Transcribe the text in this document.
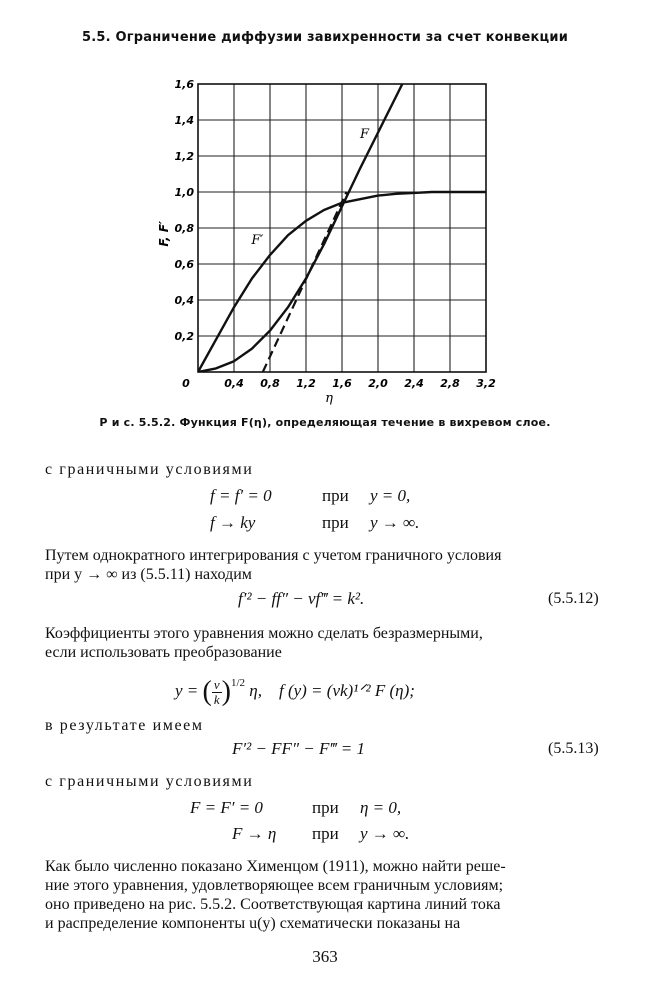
5.5. Ограничение диффузии завихренности за счет конвекции
F
F′
0	0,4 0,8 1,2 1,6 2,0 2,4 2,8 3,2
0,2
0,4
0,6
0,8
1,0
1,2
1,4
1,6
η
F, F′
Р и с. 5.5.2. Функция F(η), определяющая течение в вихревом слое.
с граничными условиями
f = f′ = 0	при y = 0,
f → ky	при y → ∞.
Путем однократного интегрирования с учетом граничного условия
при y → ∞ из (5.5.11) находим
f′² − ff″ − νf‴ = k².	(5.5.12)
Коэффициенты этого уравнения можно сделать безразмерными,
если использовать преобразование
y = ( $\frac{\nu}{k} )^{1/2}$ η, f (y) = (νk)¹ᐟ² F (η);
в результате имеем
F′² − FF″ − F‴ = 1	(5.5.13)
с граничными условиями
F = F′ = 0	при η = 0,
F → η при y → ∞.
Как было численно показано Хименцом (1911), можно найти реше-
ние этого уравнения, удовлетворяющее всем граничным условиям;
оно приведено на рис. 5.5.2. Соответствующая картина линий тока
и распределение компоненты u(y) схематически показаны на
363
